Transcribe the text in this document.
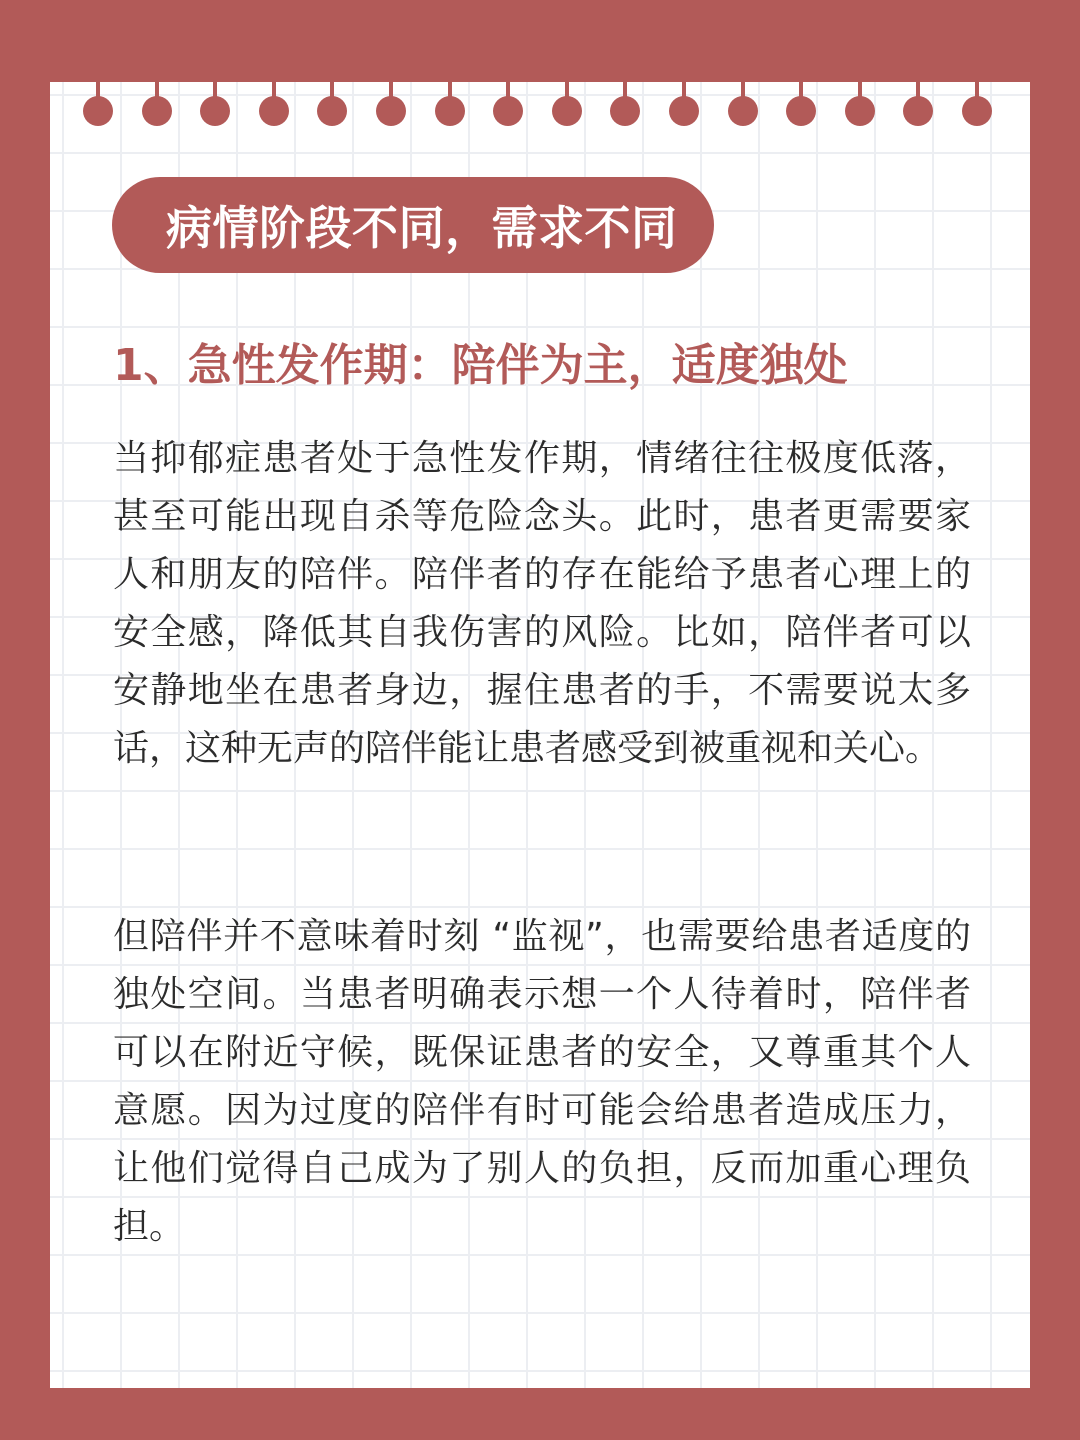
病情阶段不同，需求不同
1、急性发作期：陪伴为主，适度独处
当抑郁症患者处于急性发作期，情绪往往极度低落，甚至可能出现自杀等危险念头。此时，患者更需要家人和朋友的陪伴。陪伴者的存在能给予患者心理上的安全感，降低其自我伤害的风险。比如，陪伴者可以安静地坐在患者身边，握住患者的手，不需要说太多话，这种无声的陪伴能让患者感受到被重视和关心。
但陪伴并不意味着时刻 “监视”，也需要给患者适度的独处空间。当患者明确表示想一个人待着时，陪伴者可以在附近守候，既保证患者的安全，又尊重其个人意愿。因为过度的陪伴有时可能会给患者造成压力，让他们觉得自己成为了别人的负担，反而加重心理负担。
